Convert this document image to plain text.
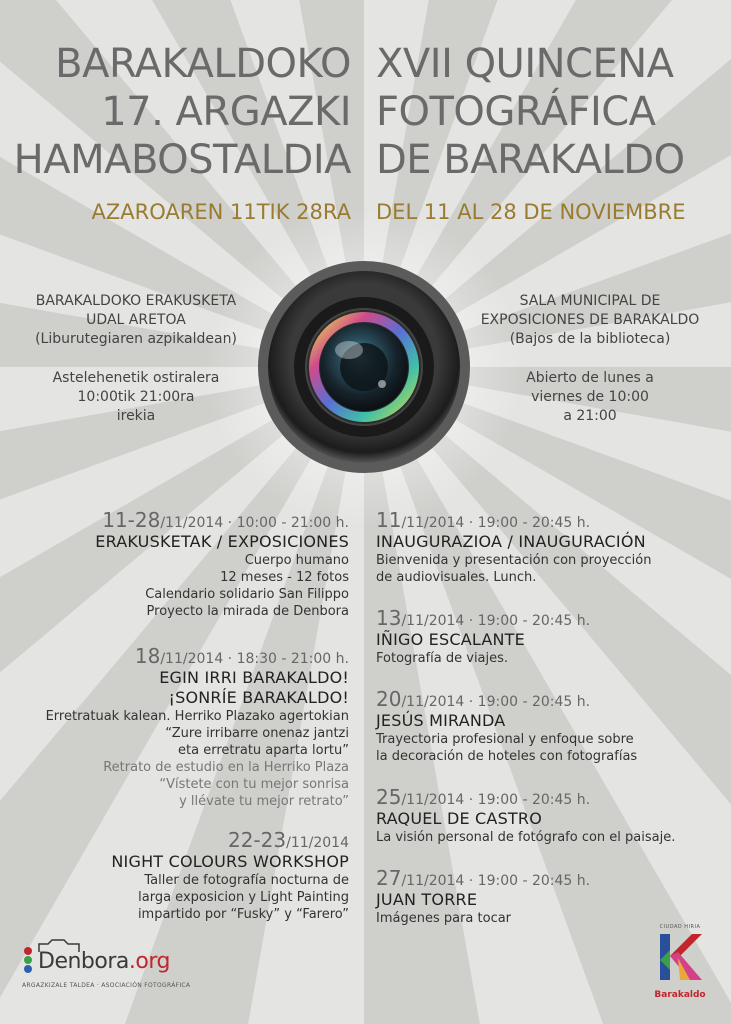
BARAKALDOKO
17. ARGAZKI
HAMABOSTALDIA
XVII QUINCENA
FOTOGRÁFICA
DE BARAKALDO
AZAROAREN 11TIK 28RA DEL 11 AL 28 DE NOVIEMBRE
BARAKALDOKO ERAKUSKETA
UDAL ARETOA
(Liburutegiaren azpikaldean)
Astelehenetik ostiralera
10:00tik 21:00ra
irekia
SALA MUNICIPAL DE
EXPOSICIONES DE BARAKALDO
(Bajos de la biblioteca)
Abierto de lunes a
viernes de 10:00
a 21:00
11-28/11/2014 · 10:00 - 21:00 h.
ERAKUSKETAK / EXPOSICIONES
Cuerpo humano
12 meses - 12 fotos
Calendario solidario San Filippo
Proyecto la mirada de Denbora
18/11/2014 · 18:30 - 21:00 h.
EGIN IRRI BARAKALDO!
¡SONRÍE BARAKALDO!
Erretratuak kalean. Herriko Plazako agertokian
“Zure irribarre onenaz jantzi
eta erretratu aparta lortu”
Retrato de estudio en la Herriko Plaza
“Vístete con tu mejor sonrisa
y llévate tu mejor retrato”
22-23/11/2014
NIGHT COLOURS WORKSHOP
Taller de fotografía nocturna de
larga exposicion y Light Painting
impartido por “Fusky” y “Farero”
11/11/2014 · 19:00 - 20:45 h.
INAUGURAZIOA / INAUGURACIÓN
Bienvenida y presentación con proyección
de audiovisuales. Lunch.
13/11/2014 · 19:00 - 20:45 h.
IÑIGO ESCALANTE
Fotografía de viajes.
20/11/2014 · 19:00 - 20:45 h.
JESÚS MIRANDA
Trayectoria profesional y enfoque sobre
la decoración de hoteles con fotografías
25/11/2014 · 19:00 - 20:45 h.
RAQUEL DE CASTRO
La visión personal de fotógrafo con el paisaje.
27/11/2014 · 19:00 - 20:45 h.
JUAN TORRE
Imágenes para tocar
Denbora.org
ARGAZKIZALE TALDEA · ASOCIACIÓN FOTOGRÁFICA
CIUDAD HIRIA
Barakaldo
